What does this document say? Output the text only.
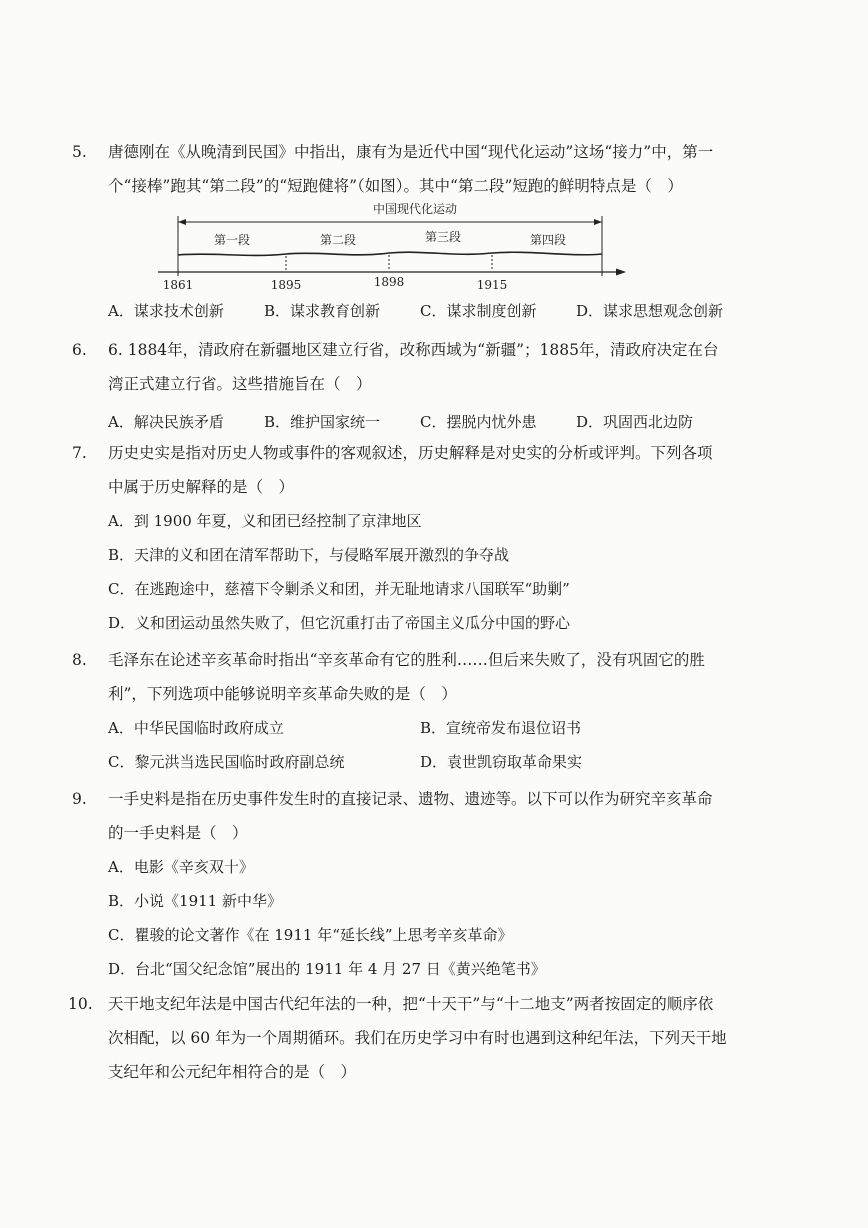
5. 唐德刚在《从晚清到民国》中指出，康有为是近代中国“现代化运动”这场“接力”中，第一
个“接棒”跑其“第二段”的“短跑健将”（如图）。其中“第二段”短跑的鲜明特点是（　）
中国现代化运动
第一段	第二段	第三段	第四段
1861	1895	1898	1915
A．谋求技术创新	B．谋求教育创新	C．谋求制度创新	D．谋求思想观念创新
6. 6. 1884年，清政府在新疆地区建立行省，改称西域为“新疆”；1885年，清政府决定在台
湾正式建立行省。这些措施旨在（　）
A．解决民族矛盾	B．维护国家统一	C．摆脱内忧外患	D．巩固西北边防
7. 历史史实是指对历史人物或事件的客观叙述，历史解释是对史实的分析或评判。下列各项
中属于历史解释的是（　）
A．到 1900 年夏，义和团已经控制了京津地区
B．天津的义和团在清军帮助下，与侵略军展开激烈的争夺战
C．在逃跑途中，慈禧下令剿杀义和团，并无耻地请求八国联军“助剿”
D．义和团运动虽然失败了，但它沉重打击了帝国主义瓜分中国的野心
8. 毛泽东在论述辛亥革命时指出“辛亥革命有它的胜利……但后来失败了，没有巩固它的胜
利”，下列选项中能够说明辛亥革命失败的是（　）
A．中华民国临时政府成立	B．宣统帝发布退位诏书
C．黎元洪当选民国临时政府副总统	D．袁世凯窃取革命果实
9. 一手史料是指在历史事件发生时的直接记录、遗物、遗迹等。以下可以作为研究辛亥革命
的一手史料是（　）
A．电影《辛亥双十》
B．小说《1911 新中华》
C．瞿骏的论文著作《在 1911 年“延长线”上思考辛亥革命》
D．台北“国父纪念馆”展出的 1911 年 4 月 27 日《黄兴绝笔书》
10. 天干地支纪年法是中国古代纪年法的一种，把“十天干”与“十二地支”两者按固定的顺序依
次相配，以 60 年为一个周期循环。我们在历史学习中有时也遇到这种纪年法，下列天干地
支纪年和公元纪年相符合的是（　）
